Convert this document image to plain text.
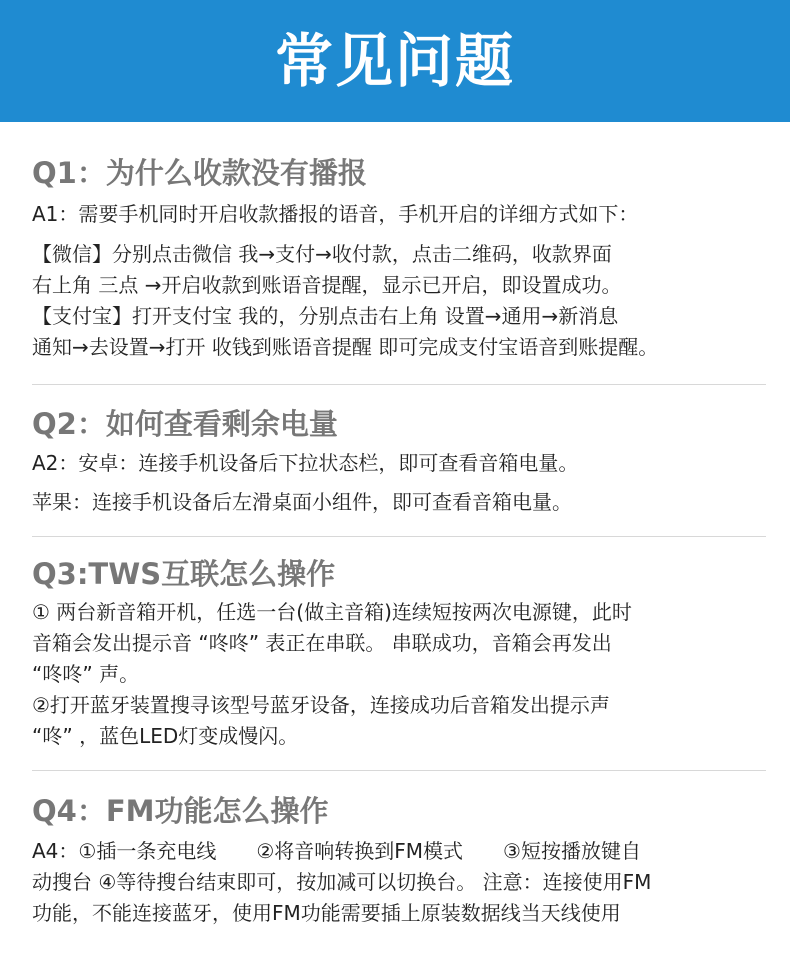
常见问题
Q1：为什么收款没有播报

A1：需要手机同时开启收款播报的语音，手机开启的详细方式如下：

【微信】分别点击微信 我→支付→收付款，点击二维码，收款界面

右上角 三点 →开启收款到账语音提醒，显示已开启，即设置成功。

【支付宝】打开支付宝 我的，分别点击右上角 设置→通用→新消息

通知→去设置→打开 收钱到账语音提醒 即可完成支付宝语音到账提醒。

Q2：如何查看剩余电量

A2：安卓：连接手机设备后下拉状态栏，即可查看音箱电量。

苹果：连接手机设备后左滑桌面小组件，即可查看音箱电量。

Q3:TWS互联怎么操作

① 两台新音箱开机，任选一台(做主音箱)连续短按两次电源键，此时

音箱会发出提示音 “咚咚” 表正在串联。 串联成功，音箱会再发出

“咚咚” 声。

②打开蓝牙装置搜寻该型号蓝牙设备，连接成功后音箱发出提示声

“咚” ，蓝色LED灯变成慢闪。

Q4：FM功能怎么操作

A4：①插一条充电线　　②将音响转换到FM模式　　③短按播放键自

动搜台 ④等待搜台结束即可，按加减可以切换台。 注意：连接使用FM

功能，不能连接蓝牙，使用FM功能需要插上原装数据线当天线使用
